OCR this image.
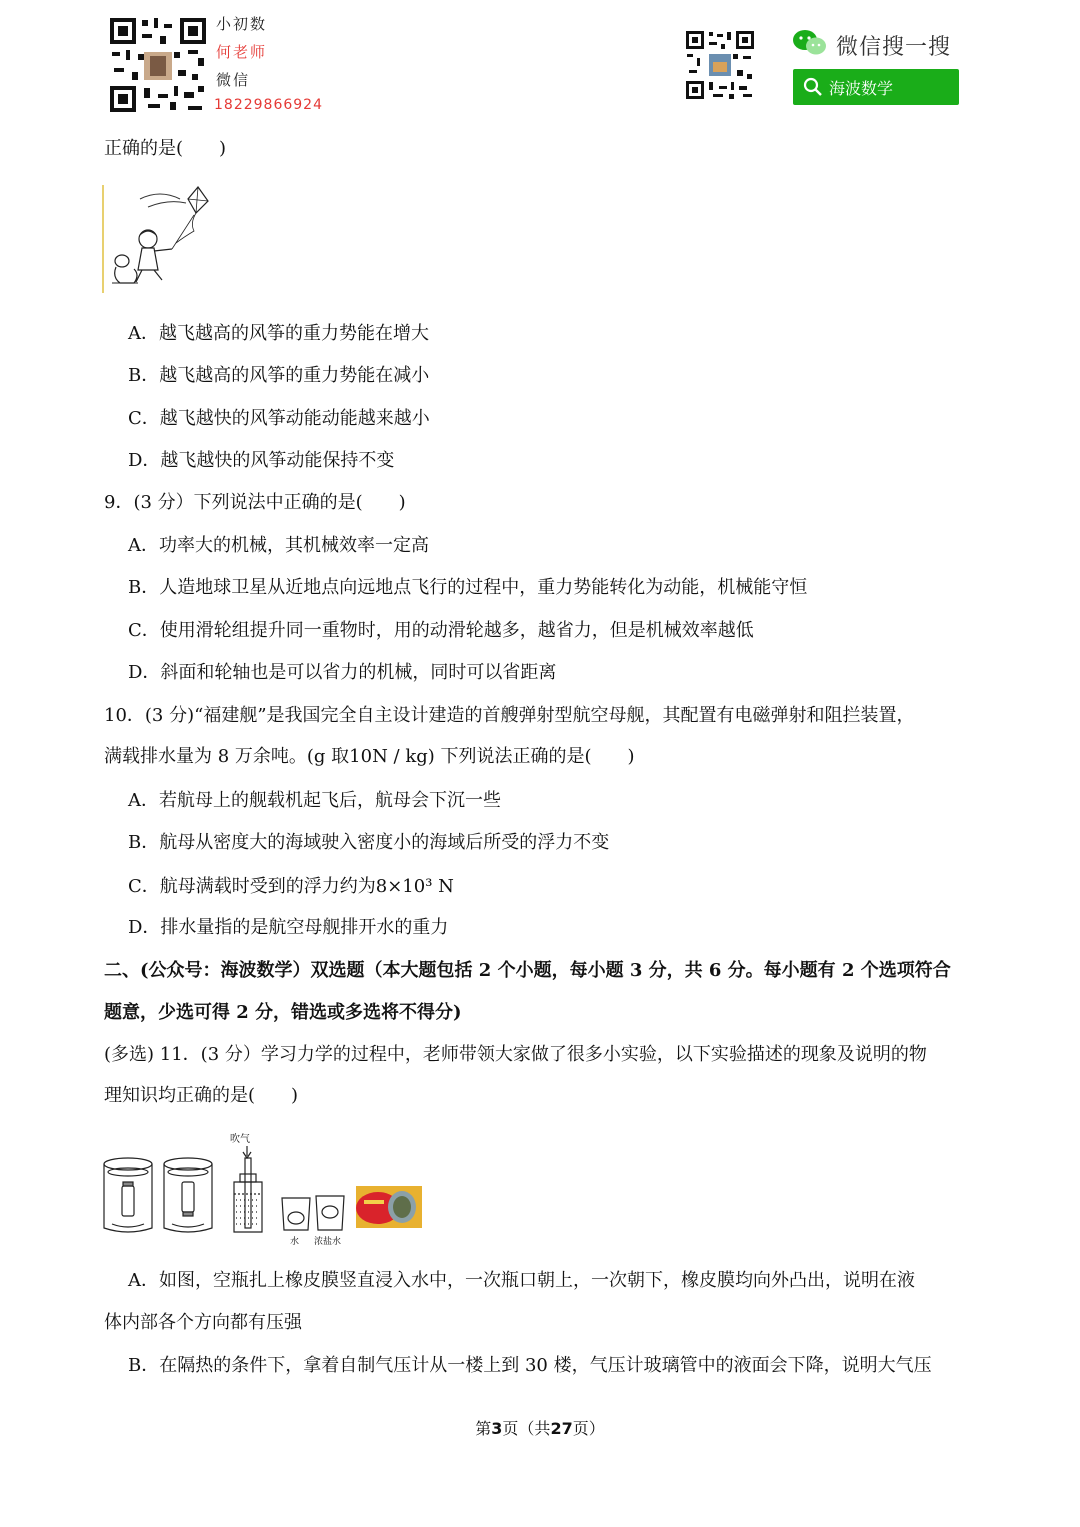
小初数
何老师
微信
18229866924
微信搜一搜
海波数学
正确的是(　　)
A．越飞越高的风筝的重力势能在增大
B．越飞越高的风筝的重力势能在减小
C．越飞越快的风筝动能动能越来越小
D．越飞越快的风筝动能保持不变
9．(3 分）下列说法中正确的是(　　)
A．功率大的机械，其机械效率一定高
B．人造地球卫星从近地点向远地点飞行的过程中，重力势能转化为动能，机械能守恒
C．使用滑轮组提升同一重物时，用的动滑轮越多，越省力，但是机械效率越低
D．斜面和轮轴也是可以省力的机械，同时可以省距离
10．(3 分)“福建舰”是我国完全自主设计建造的首艘弹射型航空母舰，其配置有电磁弹射和阻拦装置，
满载排水量为 8 万余吨。(g 取10N / kg) 下列说法正确的是(　　)
A．若航母上的舰载机起飞后，航母会下沉一些
B．航母从密度大的海域驶入密度小的海域后所受的浮力不变
C．航母满载时受到的浮力约为8×10³ N
D．排水量指的是航空母舰排开水的重力
二、(公众号：海波数学）双选题（本大题包括 2 个小题，每小题 3 分，共 6 分。每小题有 2 个选项符合
题意，少选可得 2 分，错选或多选将不得分)
(多选) 11．(3 分）学习力学的过程中，老师带领大家做了很多小实验，以下实验描述的现象及说明的物
理知识均正确的是(　　)
吹气
水 浓盐水
A．如图，空瓶扎上橡皮膜竖直浸入水中，一次瓶口朝上，一次朝下，橡皮膜均向外凸出，说明在液
体内部各个方向都有压强
B．在隔热的条件下，拿着自制气压计从一楼上到 30 楼，气压计玻璃管中的液面会下降，说明大气压
第3页（共27页）
